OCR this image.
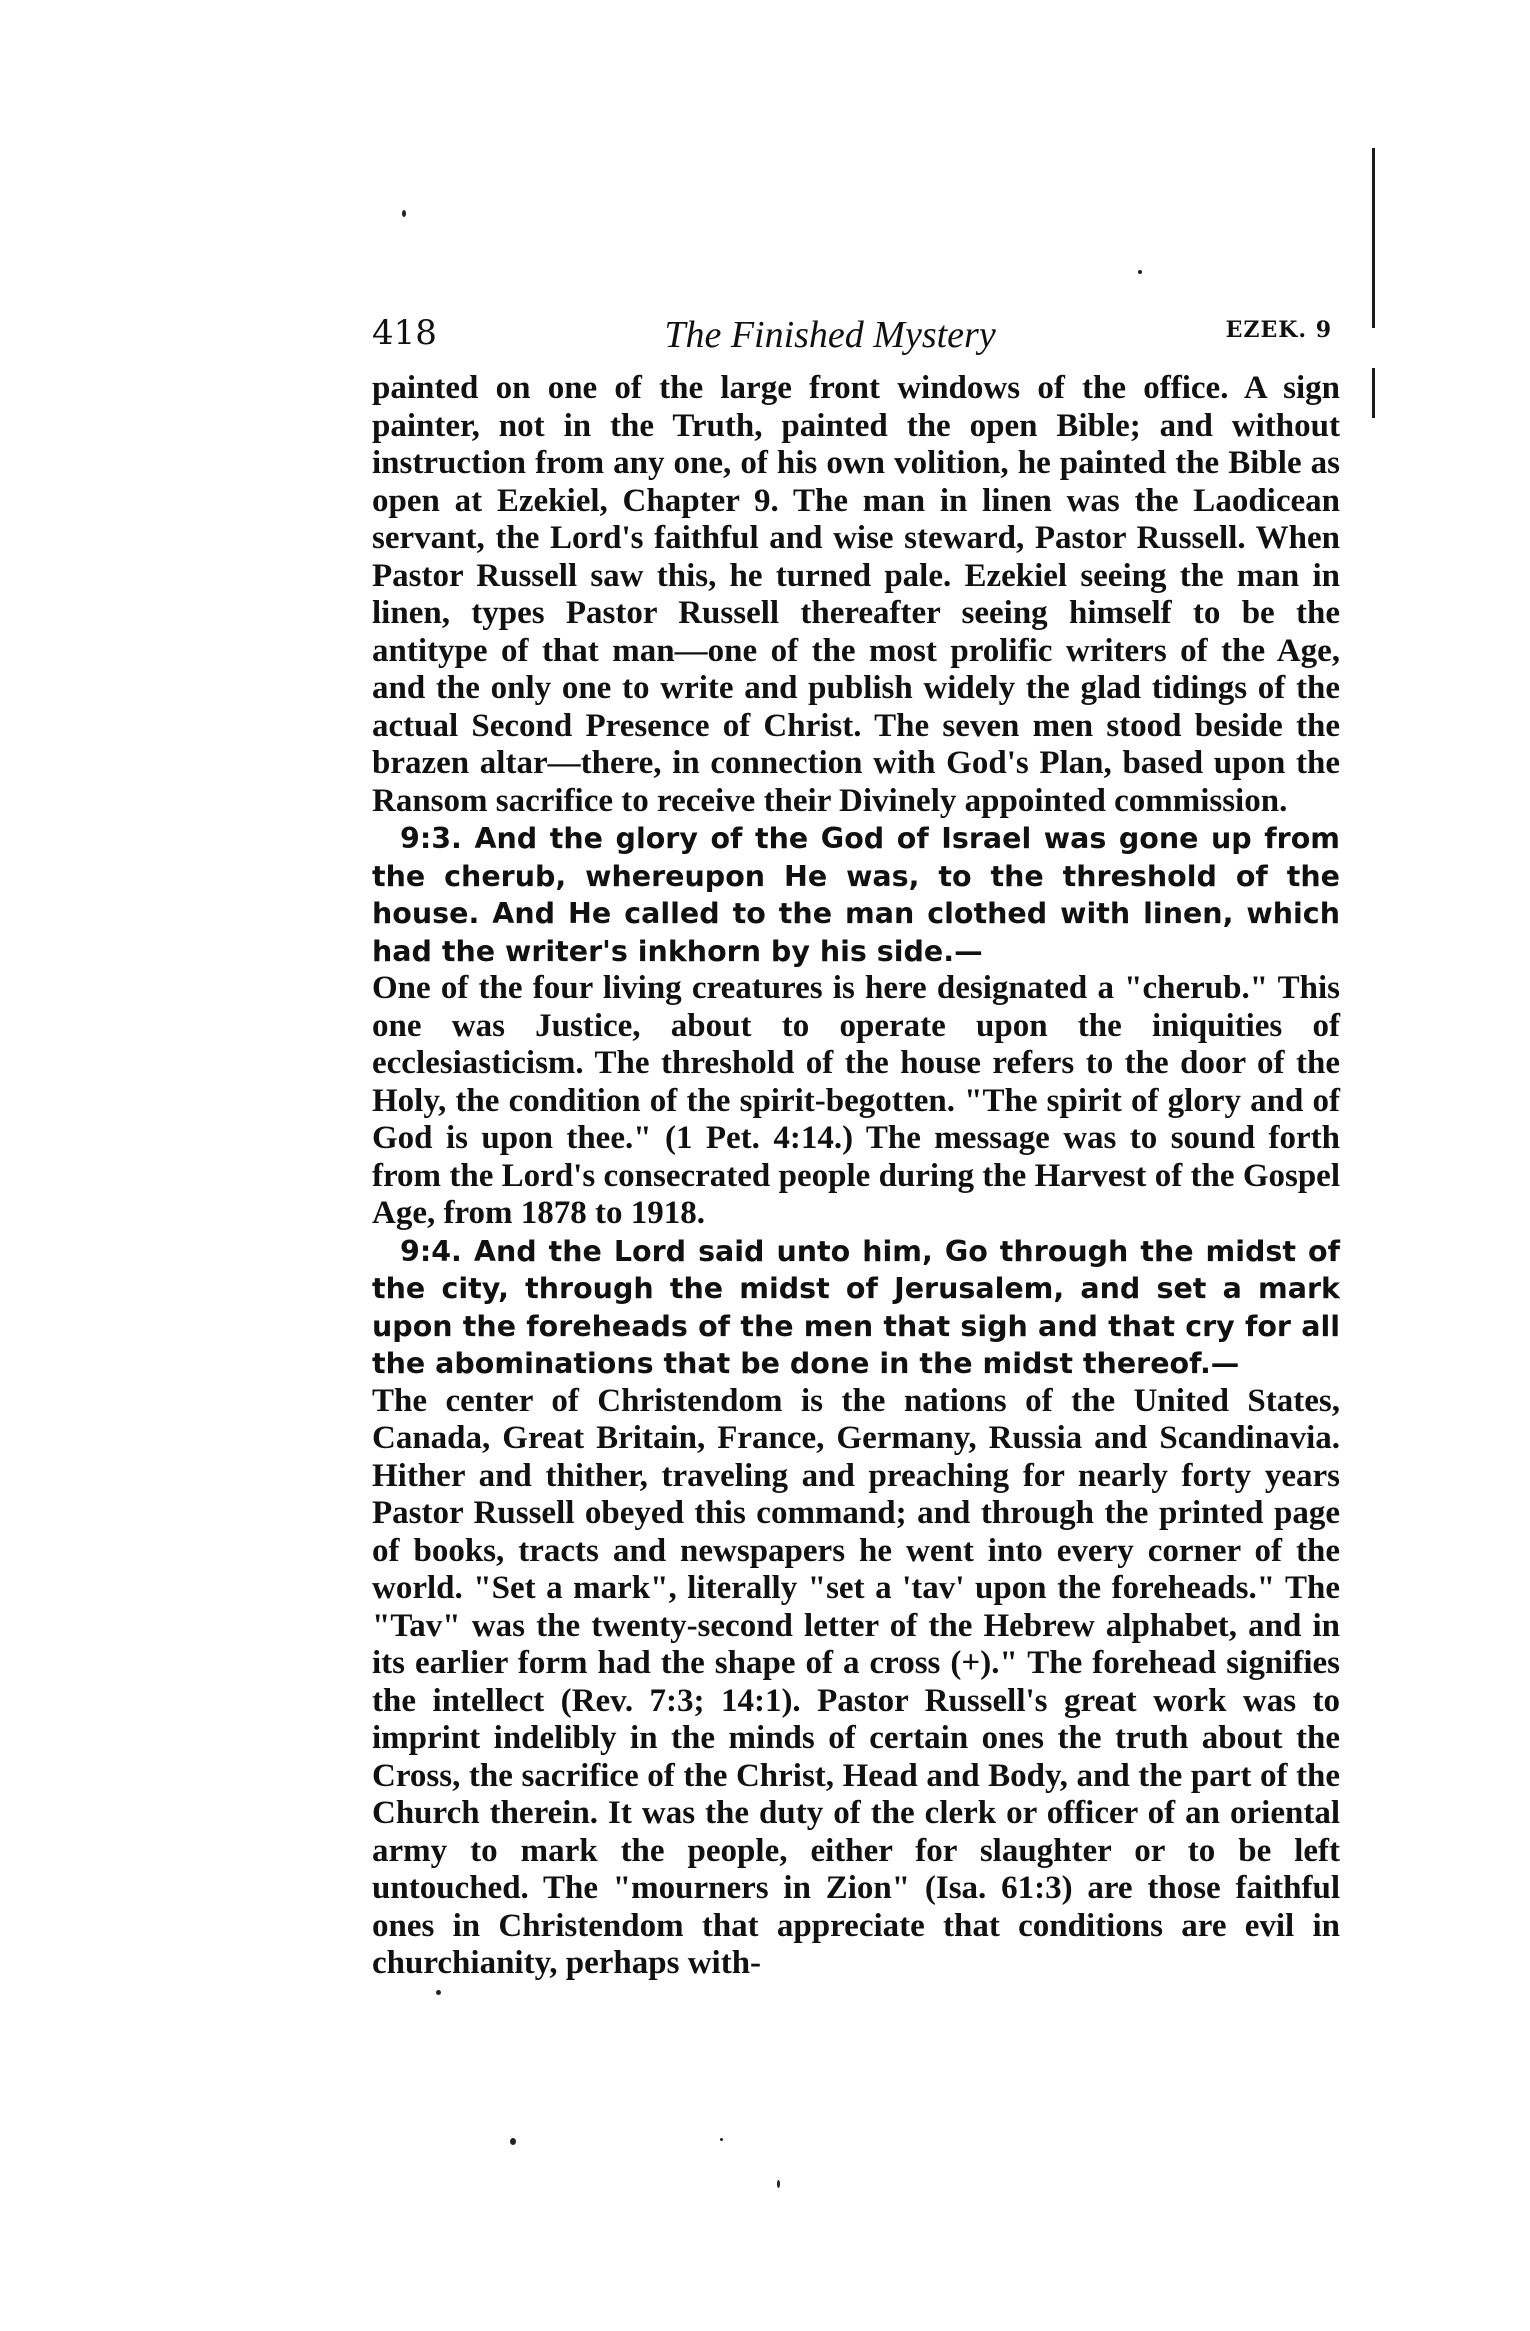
418	The Finished Mystery	EZEK. 9

painted on one of the large front windows of the office. A sign painter, not in the Truth, painted the open Bible; and without instruction from any one, of his own volition, he painted the Bible as open at Ezekiel, Chapter 9. The man in linen was the Laodicean servant, the Lord's faithful and wise steward, Pastor Russell. When Pastor Russell saw this, he turned pale. Ezekiel seeing the man in linen, types Pastor Russell thereafter seeing himself to be the antitype of that man—one of the most prolific writers of the Age, and the only one to write and publish widely the glad tidings of the actual Second Presence of Christ. The seven men stood beside the brazen altar—there, in connection with God's Plan, based upon the Ransom sacrifice to receive their Divinely appointed commission.

9:3. And the glory of the God of Israel was gone up from the cherub, whereupon He was, to the threshold of the house. And He called to the man clothed with linen, which had the writer's inkhorn by his side.—

One of the four living creatures is here designated a "cherub." This one was Justice, about to operate upon the iniquities of ecclesiasticism. The threshold of the house refers to the door of the Holy, the condition of the spirit-begotten. "The spirit of glory and of God is upon thee." (1 Pet. 4:14.) The message was to sound forth from the Lord's consecrated people during the Harvest of the Gospel Age, from 1878 to 1918.

9:4. And the Lord said unto him, Go through the midst of the city, through the midst of Jerusalem, and set a mark upon the foreheads of the men that sigh and that cry for all the abominations that be done in the midst thereof.—

The center of Christendom is the nations of the United States, Canada, Great Britain, France, Germany, Russia and Scandinavia. Hither and thither, traveling and preaching for nearly forty years Pastor Russell obeyed this command; and through the printed page of books, tracts and newspapers he went into every corner of the world. "Set a mark", literally "set a 'tav' upon the foreheads." The "Tav" was the twenty-second letter of the Hebrew alphabet, and in its earlier form had the shape of a cross (+)." The forehead signifies the intellect (Rev. 7:3; 14:1). Pastor Russell's great work was to imprint indelibly in the minds of certain ones the truth about the Cross, the sacrifice of the Christ, Head and Body, and the part of the Church therein. It was the duty of the clerk or officer of an oriental army to mark the people, either for slaughter or to be left untouched. The "mourners in Zion" (Isa. 61:3) are those faithful ones in Christendom that appreciate that conditions are evil in churchianity, perhaps with-
